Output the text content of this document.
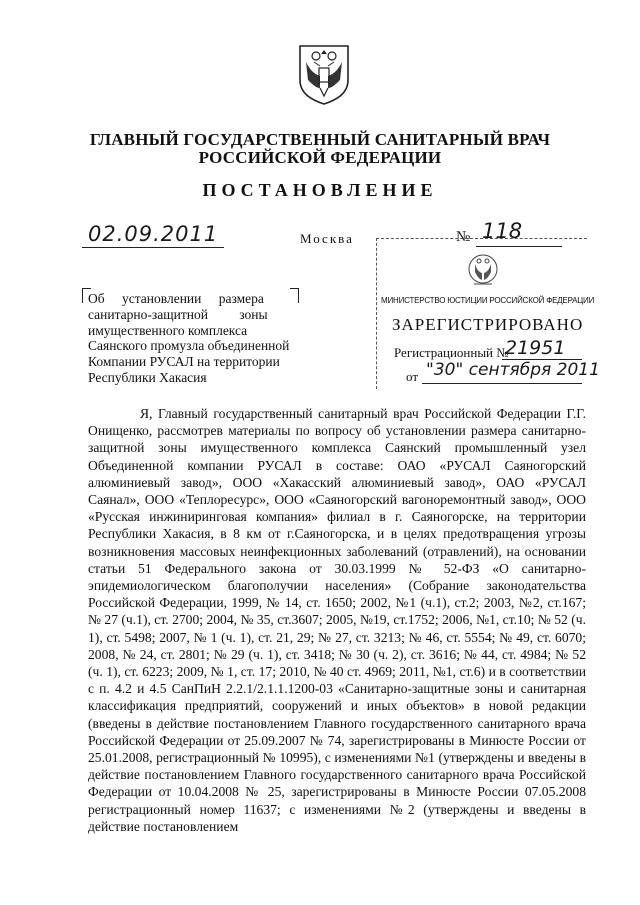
ГЛАВНЫЙ ГОСУДАРСТВЕННЫЙ САНИТАРНЫЙ ВРАЧ
РОССИЙСКОЙ ФЕДЕРАЦИИ
ПОСТАНОВЛЕНИЕ
02.09.2011	Москва	№ 118
Об установлении размера
санитарно-защитной зоны
имущественного комплекса
Саянского промузла объединенной
Компании РУСАЛ на территории
Республики Хакасия
МИНИСТЕРСТВО ЮСТИЦИИ РОССИЙСКОЙ ФЕДЕРАЦИИ
ЗАРЕГИСТРИРОВАНО
Регистрационный №
21951
от "30" сентября 2011

Я, Главный государственный санитарный врач Российской Федерации Г.Г. Онищенко, рассмотрев материалы по вопросу об установлении размера санитарно-защитной зоны имущественного комплекса Саянский промышленный узел Объединенной компании РУСАЛ в составе: ОАО «РУСАЛ Саяногорский алюминиевый завод», ООО «Хакасский алюминиевый завод», ОАО «РУСАЛ Саянал», ООО «Теплоресурс», ООО «Саяногорский вагоноремонтный завод», ООО «Русская инжиниринговая компания» филиал в г. Саяногорске, на территории Республики Хакасия, в 8 км от г.Саяногорска, и в целях предотвращения угрозы возникновения массовых неинфекционных заболеваний (отравлений), на основании статьи 51 Федерального закона от 30.03.1999 № 52-ФЗ «О санитарно-эпидемиологическом благополучии населения» (Собрание законодательства Российской Федерации, 1999, № 14, ст. 1650; 2002, №1 (ч.1), ст.2; 2003, №2, ст.167; № 27 (ч.1), ст. 2700; 2004, № 35, ст.3607; 2005, №19, ст.1752; 2006, №1, ст.10; № 52 (ч. 1), ст. 5498; 2007, № 1 (ч. 1), ст. 21, 29; № 27, ст. 3213; № 46, ст. 5554; № 49, ст. 6070; 2008, № 24, ст. 2801; № 29 (ч. 1), ст. 3418; № 30 (ч. 2), ст. 3616; № 44, ст. 4984; № 52 (ч. 1), ст. 6223; 2009, № 1, ст. 17; 2010, № 40 ст. 4969; 2011, №1, ст.6) и в соответствии с п. 4.2 и 4.5 СанПиН 2.2.1/2.1.1.1200-03 «Санитарно-защитные зоны и санитарная классификация предприятий, сооружений и иных объектов» в новой редакции (введены в действие постановлением Главного государственного санитарного врача Российской Федерации от 25.09.2007 № 74, зарегистрированы в Минюсте России от 25.01.2008, регистрационный № 10995), с изменениями №1 (утверждены и введены в действие постановлением Главного государственного санитарного врача Российской Федерации от 10.04.2008 № 25, зарегистрированы в Минюсте России 07.05.2008 регистрационный номер 11637; с изменениями №2 (утверждены и введены в действие постановлением
